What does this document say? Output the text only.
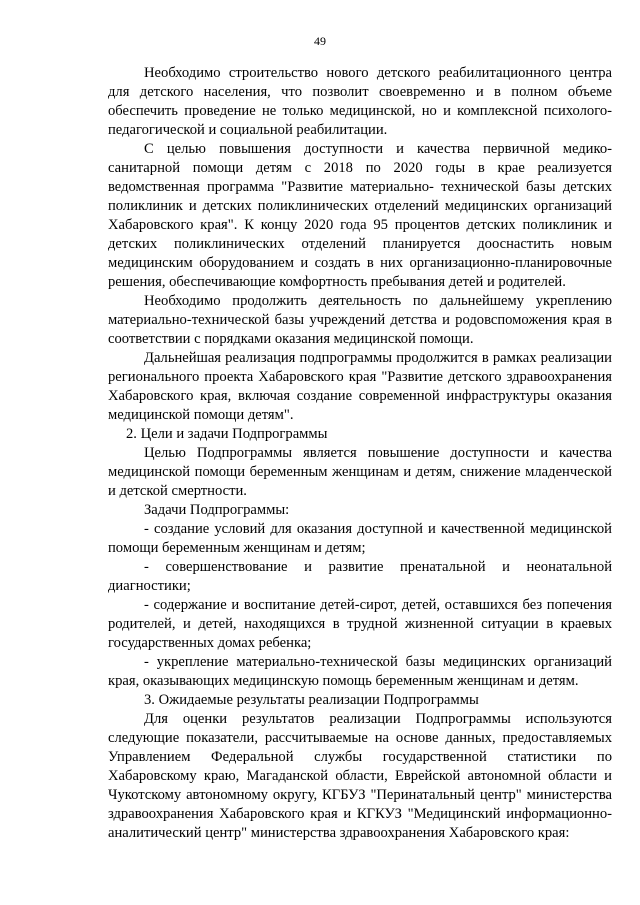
49

Необходимо строительство нового детского реабилитационного центра для детского населения, что позволит своевременно и в полном объеме обеспечить проведение не только медицинской, но и комплексной психолого-педагогической и социальной реабилитации.

С целью повышения доступности и качества первичной медико-санитарной помощи детям с 2018 по 2020 годы в крае реализуется ведомственная программа "Развитие материально- технической базы детских поликлиник и детских поликлинических отделений медицинских организаций Хабаровского края". К концу 2020 года 95 процентов детских поликлиник и детских поликлинических отделений планируется дооснастить новым медицинским оборудованием и создать в них организационно-планировочные решения, обеспечивающие комфортность пребывания детей и родителей.

Необходимо продолжить деятельность по дальнейшему укреплению материально-технической базы учреждений детства и родовспоможения края в соответствии с порядками оказания медицинской помощи.

Дальнейшая реализация подпрограммы продолжится в рамках реализации регионального проекта Хабаровского края "Развитие детского здравоохранения Хабаровского края, включая создание современной инфраструктуры оказания медицинской помощи детям".

2. Цели и задачи Подпрограммы

Целью Подпрограммы является повышение доступности и качества медицинской помощи беременным женщинам и детям, снижение младенческой и детской смертности.

Задачи Подпрограммы:

- создание условий для оказания доступной и качественной медицинской помощи беременным женщинам и детям;

- совершенствование и развитие пренатальной и неонатальной диагностики;

- содержание и воспитание детей-сирот, детей, оставшихся без попечения родителей, и детей, находящихся в трудной жизненной ситуации в краевых государственных домах ребенка;

- укрепление материально-технической базы медицинских организаций края, оказывающих медицинскую помощь беременным женщинам и детям.

3. Ожидаемые результаты реализации Подпрограммы

Для оценки результатов реализации Подпрограммы используются следующие показатели, рассчитываемые на основе данных, предоставляемых Управлением Федеральной службы государственной статистики по Хабаровскому краю, Магаданской области, Еврейской автономной области и Чукотскому автономному округу, КГБУЗ "Перинатальный центр" министерства здравоохранения Хабаровского края и КГКУЗ "Медицинский информационно-аналитический центр" министерства здравоохранения Хабаровского края:
